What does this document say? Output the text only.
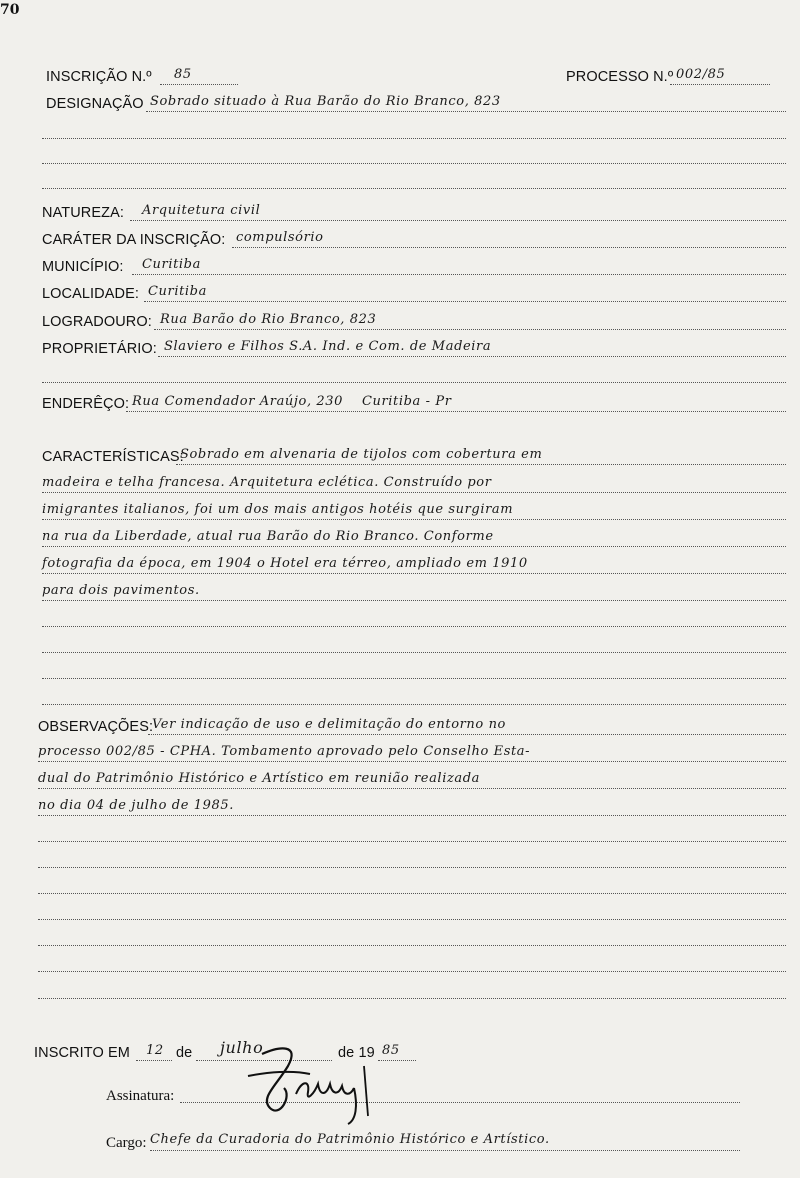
70
INSCRIÇÃO N.º 85	PROCESSO N.º 002/85
DESIGNAÇÃO Sobrado situado à Rua Barão do Rio Branco, 823
NATUREZA: Arquitetura civil
CARÁTER DA INSCRIÇÃO: compulsório
MUNICÍPIO: Curitiba
LOCALIDADE: Curitiba
LOGRADOURO: Rua Barão do Rio Branco, 823
PROPRIETÁRIO: Slaviero e Filhos S.A. Ind. e Com. de Madeira
ENDERÊÇO: Rua Comendador Araújo, 230    Curitiba - Pr
CARACTERÍSTICAS:
Sobrado em alvenaria de tijolos com cobertura em
madeira e telha francesa. Arquitetura eclética. Construído por
imigrantes italianos, foi um dos mais antigos hotéis que surgiram
na rua da Liberdade, atual rua Barão do Rio Branco. Conforme
fotografia da época, em 1904 o Hotel era térreo, ampliado em 1910
para dois pavimentos.
OBSERVAÇÕES:
Ver indicação de uso e delimitação do entorno no
processo 002/85 - CPHA. Tombamento aprovado pelo Conselho Esta-
dual do Patrimônio Histórico e Artístico em reunião realizada
no dia 04 de julho de 1985.
INSCRITO EM 12 de julho	de 19 85
Assinatura:
Cargo: Chefe da Curadoria do Patrimônio Histórico e Artístico.
